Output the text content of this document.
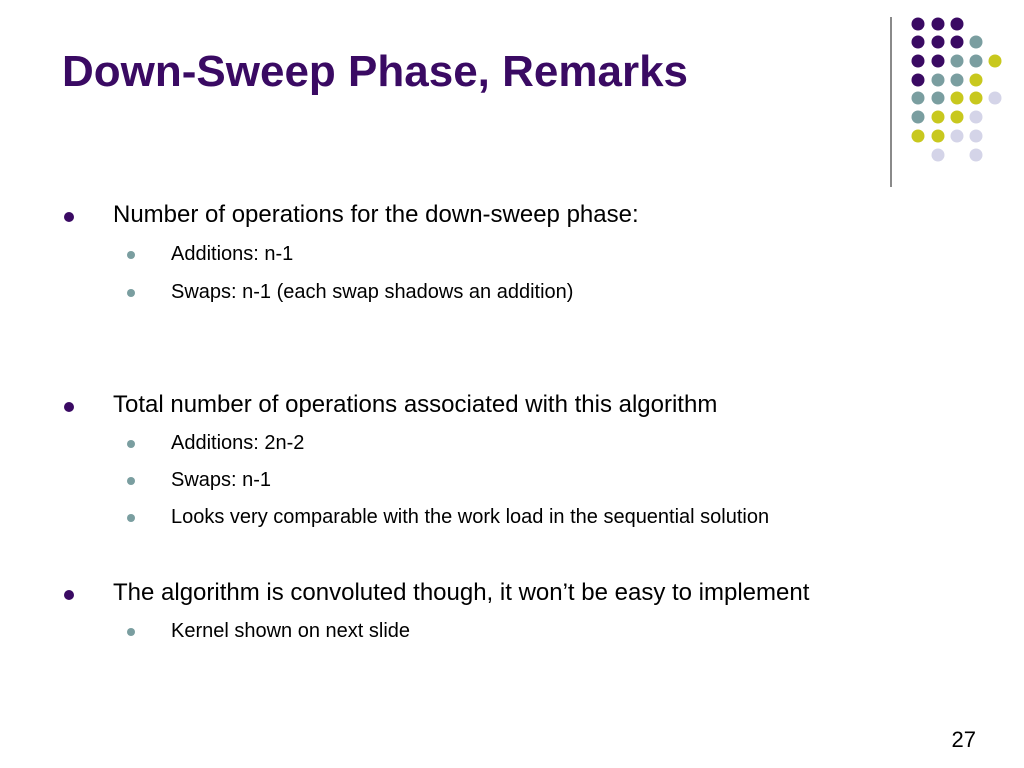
Down-Sweep Phase, Remarks
Number of operations for the down-sweep phase:
Additions: n-1
Swaps: n-1 (each swap shadows an addition)
Total number of operations associated with this algorithm
Additions: 2n-2
Swaps: n-1
Looks very comparable with the work load in the sequential solution
The algorithm is convoluted though, it won’t be easy to implement
Kernel shown on next slide
27
